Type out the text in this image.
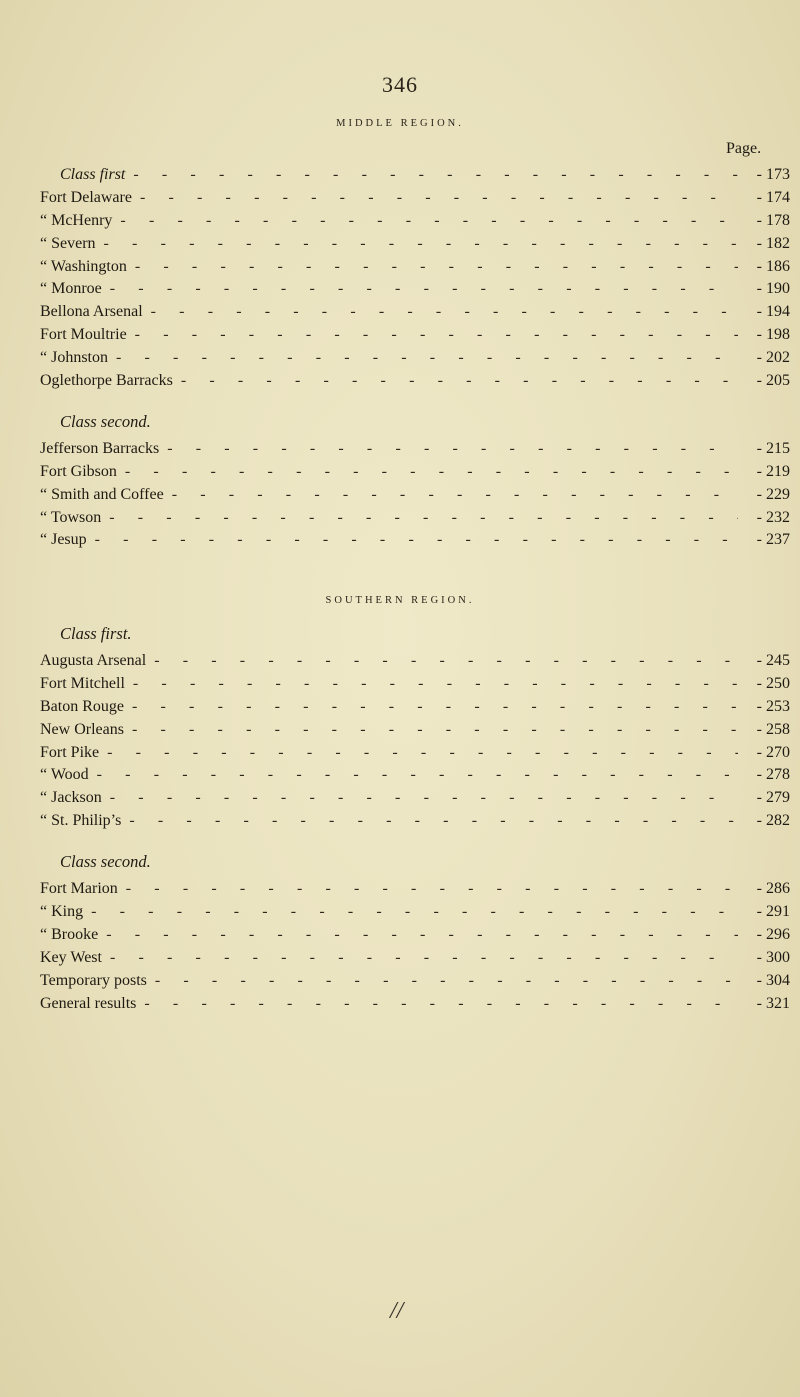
346
MIDDLE REGION.
Page.
Class first - - -	- 173
Fort Delaware - - -	- 174
“ McHenry - - -	- 178
“ Severn - - -	- 182
“ Washington - - -	- 186
“ Monroe - - -	- 190
Bellona Arsenal - - -	- 194
Fort Moultrie - - -	- 198
“ Johnston - - -	- 202
Oglethorpe Barracks - - -	- 205
Class second.
Jefferson Barracks - - -	- 215
Fort Gibson - - -	- 219
“ Smith and Coffee - - -	- 229
“ Towson - - -	- 232
“ Jesup - - -	- 237
SOUTHERN REGION.
Class first.
Augusta Arsenal - - -	- 245
Fort Mitchell - - -	- 250
Baton Rouge - - -	- 253
New Orleans - - -	- 258
Fort Pike - - -	- 270
“ Wood - - -	- 278
“ Jackson - - -	- 279
“ St. Philip’s - - -	- 282
Class second.
Fort Marion - - -	- 286
“ King - - -	- 291
“ Brooke - - -	- 296
Key West - - -	- 300
Temporary posts - - -	- 304
General results - - -	- 321
//
